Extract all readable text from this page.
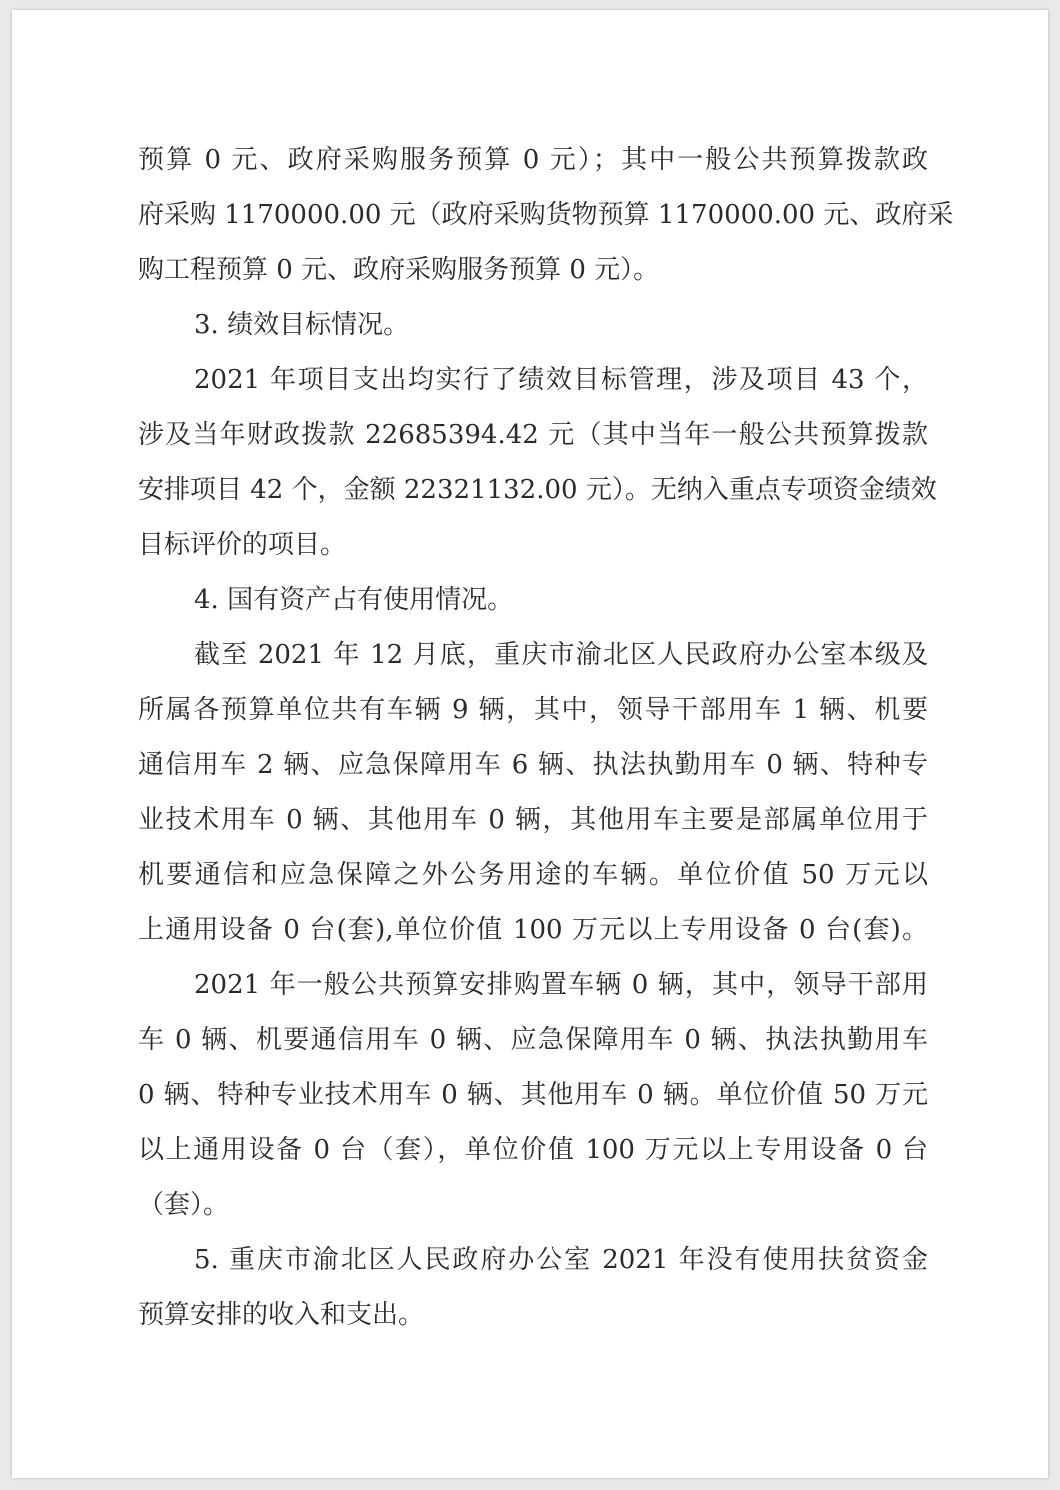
预算 0 元、政府采购服务预算 0 元）；其中一般公共预算拨款政
府采购 1170000.00 元（政府采购货物预算 1170000.00 元、政府采
购工程预算 0 元、政府采购服务预算 0 元）。
3. 绩效目标情况。
2021 年项目支出均实行了绩效目标管理，涉及项目 43 个，
涉及当年财政拨款 22685394.42 元（其中当年一般公共预算拨款
安排项目 42 个，金额 22321132.00 元）。无纳入重点专项资金绩效
目标评价的项目。
4. 国有资产占有使用情况。
截至 2021 年 12 月底，重庆市渝北区人民政府办公室本级及
所属各预算单位共有车辆 9 辆，其中，领导干部用车 1 辆、机要
通信用车 2 辆、应急保障用车 6 辆、执法执勤用车 0 辆、特种专
业技术用车 0 辆、其他用车 0 辆，其他用车主要是部属单位用于
机要通信和应急保障之外公务用途的车辆。单位价值 50 万元以
上通用设备 0 台(套),单位价值 100 万元以上专用设备 0 台(套)。
2021 年一般公共预算安排购置车辆 0 辆，其中，领导干部用
车 0 辆、机要通信用车 0 辆、应急保障用车 0 辆、执法执勤用车
0 辆、特种专业技术用车 0 辆、其他用车 0 辆。单位价值 50 万元
以上通用设备 0 台（套），单位价值 100 万元以上专用设备 0 台
（套）。
5. 重庆市渝北区人民政府办公室 2021 年没有使用扶贫资金
预算安排的收入和支出。
